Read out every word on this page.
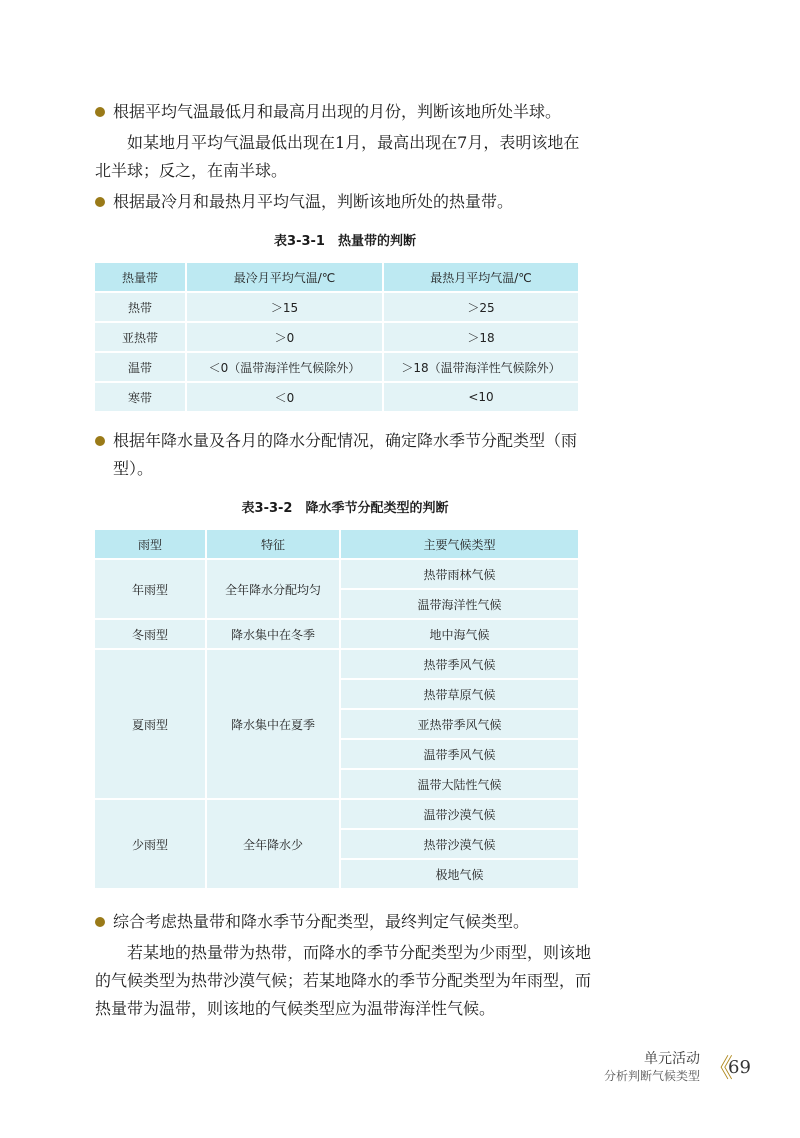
根据平均气温最低月和最高月出现的月份，判断该地所处半球。

如某地月平均气温最低出现在1月，最高出现在7月，表明该地在北半球；反之，在南半球。

根据最冷月和最热月平均气温，判断该地所处的热量带。
表3-3-1　热量带的判断
热量带	最冷月平均气温/℃	最热月平均气温/℃
热带	＞15	＞25
亚热带	＞0	＞18
温带	＜0（温带海洋性气候除外）	＞18（温带海洋性气候除外）
寒带	＜0	<10
根据年降水量及各月的降水分配情况，确定降水季节分配类型（雨型）。
表3-3-2　降水季节分配类型的判断
雨型	特征	主要气候类型
年雨型	全年降水分配均匀	热带雨林气候
		温带海洋性气候
冬雨型	降水集中在冬季	地中海气候
夏雨型	降水集中在夏季	热带季风气候
		热带草原气候
		亚热带季风气候
		温带季风气候
		温带大陆性气候
少雨型	全年降水少	温带沙漠气候
		热带沙漠气候
		极地气候
综合考虑热量带和降水季节分配类型，最终判定气候类型。

若某地的热量带为热带，而降水的季节分配类型为少雨型，则该地的气候类型为热带沙漠气候；若某地降水的季节分配类型为年雨型，而热量带为温带，则该地的气候类型应为温带海洋性气候。

单元活动
分析判断气候类型 《
69
